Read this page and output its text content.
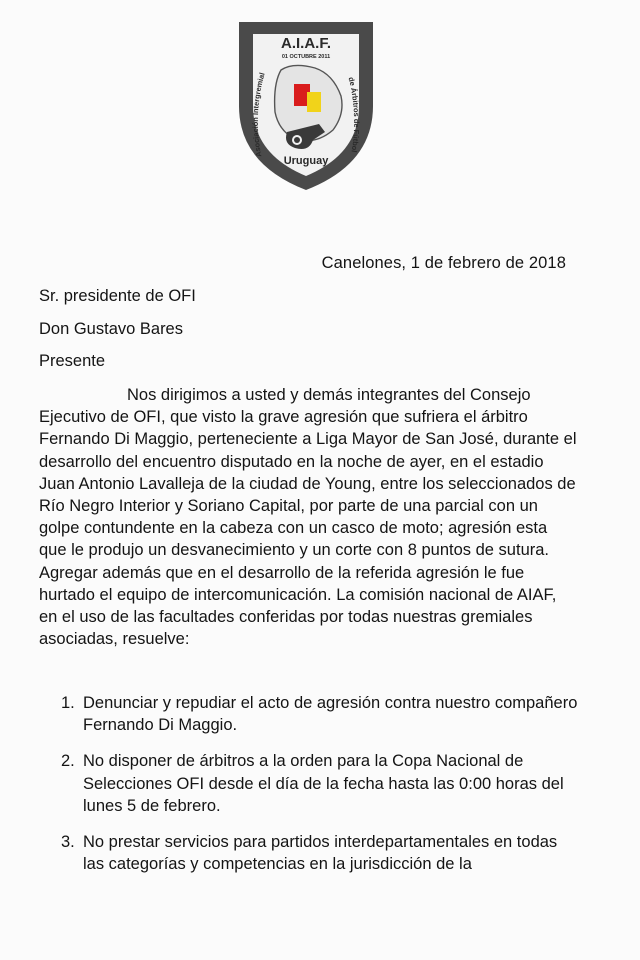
A.I.A.F.
01 OCTUBRE 2011
Asociación Intergremial
de Árbitros de Fútbol
Uruguay
Canelones, 1 de febrero de 2018
Sr. presidente de OFI
Don Gustavo Bares
Presente
Nos dirigimos a usted y demás integrantes del Consejo Ejecutivo de OFI, que visto la grave agresión que sufriera el árbitro Fernando Di Maggio, perteneciente a Liga Mayor de San José, durante el desarrollo del encuentro disputado en la noche de ayer, en el estadio Juan Antonio Lavalleja de la ciudad de Young, entre los seleccionados de Río Negro Interior y Soriano Capital, por parte de una parcial con un golpe contundente en la cabeza con un casco de moto; agresión esta que le produjo un desvanecimiento y un corte con 8 puntos de sutura. Agregar además que en el desarrollo de la referida agresión le fue hurtado el equipo de intercomunicación. La comisión nacional de AIAF, en el uso de las facultades conferidas por todas nuestras gremiales asociadas, resuelve:
1. Denunciar y repudiar el acto de agresión contra nuestro compañero Fernando Di Maggio.
2. No disponer de árbitros a la orden para la Copa Nacional de Selecciones OFI desde el día de la fecha hasta las 0:00 horas del lunes 5 de febrero.
3. No prestar servicios para partidos interdepartamentales en todas las categorías y competencias en la jurisdicción de la
